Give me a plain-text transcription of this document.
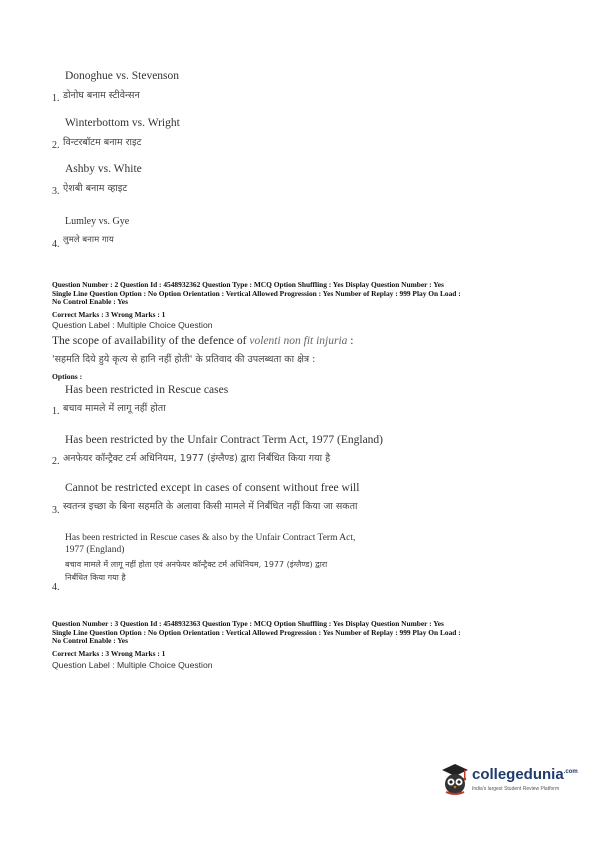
Donoghue vs. Stevenson
1. डोनोघ बनाम स्टीवेन्सन
Winterbottom vs. Wright
2. विन्टरबॉटम बनाम राइट
Ashby vs. White
3. ऐशबी बनाम व्हाइट
Lumley vs. Gye
4. लुमले बनाम गाय
Question Number : 2 Question Id : 4548932362 Question Type : MCQ Option Shuffling : Yes Display Question Number : Yes
Single Line Question Option : No Option Orientation : Vertical Allowed Progression : Yes Number of Replay : 999 Play On Load :
No Control Enable : Yes
Correct Marks : 3 Wrong Marks : 1
Question Label : Multiple Choice Question
The scope of availability of the defence of volenti non fit injuria :
'सहमति दिये हुये कृत्य से हानि नहीं होती' के प्रतिवाद की उपलब्धता का क्षेत्र :
Options :
Has been restricted in Rescue cases
1. बचाव मामले में लागू नहीं होता
Has been restricted by the Unfair Contract Term Act, 1977 (England)
2. अनफेयर कॉन्ट्रैक्ट टर्म अधिनियम, 1977 (इंग्लैण्ड) द्वारा निर्बंधित किया गया है
Cannot be restricted except in cases of consent without free will
3. स्वतन्त्र इच्छा के बिना सहमति के अलावा किसी मामले में निर्बंधित नहीं किया जा सकता
Has been restricted in Rescue cases & also by the Unfair Contract Term Act,
1977 (England)
बचाव मामले में लागू नहीं होता एवं अनफेयर कॉन्ट्रैक्ट टर्म अधिनियम, 1977 (इंग्लैण्ड) द्वारा
निर्बंधित किया गया है
4.
Question Number : 3 Question Id : 4548932363 Question Type : MCQ Option Shuffling : Yes Display Question Number : Yes
Single Line Question Option : No Option Orientation : Vertical Allowed Progression : Yes Number of Replay : 999 Play On Load :
No Control Enable : Yes
Correct Marks : 3 Wrong Marks : 1
Question Label : Multiple Choice Question
collegedunia$^{.com}$
India's largest Student Review Platform
